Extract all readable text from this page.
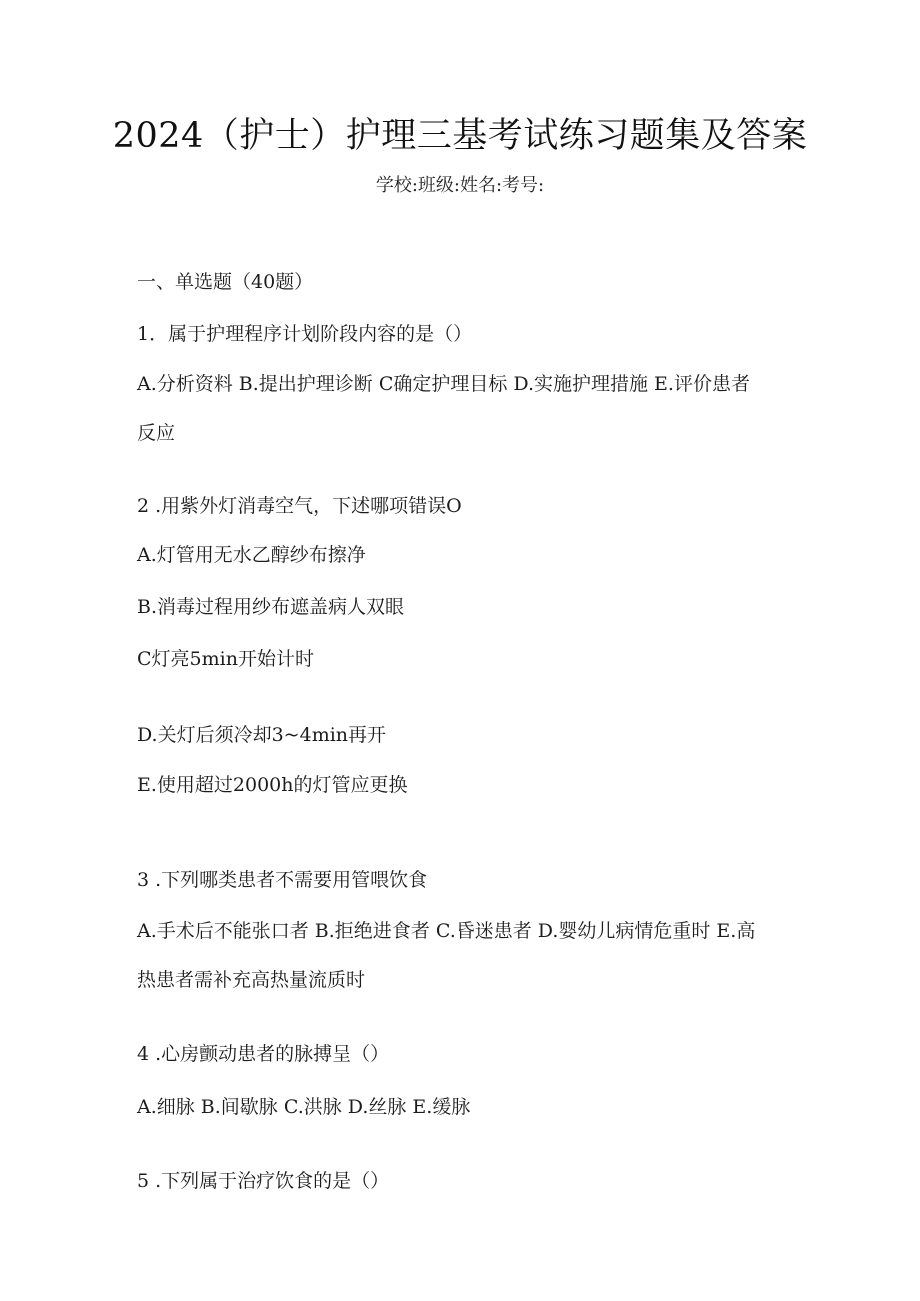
2024（护士）护理三基考试练习题集及答案
学校:班级:姓名:考号:
一、单选题（40题）
1．属于护理程序计划阶段内容的是（）
A.分析资料 B.提出护理诊断 C确定护理目标 D.实施护理措施 E.评价患者
反应
2 .用紫外灯消毒空气，下述哪项错误O
A.灯管用无水乙醇纱布擦净
B.消毒过程用纱布遮盖病人双眼
C灯亮5min开始计时
D.关灯后须冷却3~4min再开
E.使用超过2000h的灯管应更换
3 .下列哪类患者不需要用管喂饮食
A.手术后不能张口者 B.拒绝进食者 C.昏迷患者 D.婴幼儿病情危重时 E.高
热患者需补充高热量流质时
4 .心房颤动患者的脉搏呈（）
A.细脉 B.间歇脉 C.洪脉 D.丝脉 E.缓脉
5 .下列属于治疗饮食的是（）
